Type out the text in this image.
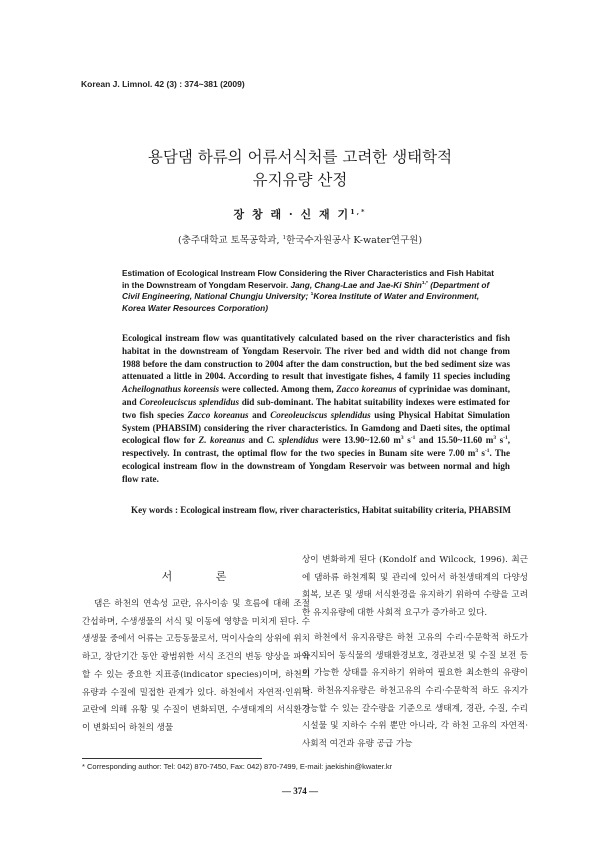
Korean J. Limnol. 42 (3) : 374~381 (2009)
용담댐 하류의 어류서식처를 고려한 생태학적
유지유량 산정
장 창 래 · 신 재 기$^{1,*}$
(충주대학교 토목공학과, $^1$한국수자원공사 K-water연구원)
Estimation of Ecological Instream Flow Considering the River Characteristics and Fish Habitat in the Downstream of Yongdam Reservoir. Jang, Chang-Lae and Jae-Ki Shin$^{1,*}$ (Department of Civil Engineering, National Chungju University; $^1$Korea Institute of Water and Environment, Korea Water Resources Corporation)
Ecological instream flow was quantitatively calculated based on the river characteristics and fish habitat in the downstream of Yongdam Reservoir. The river bed and width did not change from 1988 before the dam construction to 2004 after the dam construction, but the bed sediment size was attenuated a little in 2004. According to result that investigate fishes, 4 family 11 species including Acheilognathus koreensis were collected. Among them, Zacco koreanus of cyprinidae was dominant, and Coreoleuciscus splendidus did sub-dominant. The habitat suitability indexes were estimated for two fish species Zacco koreanus and Coreoleuciscus splendidus using Physical Habitat Simulation System (PHABSIM) considering the river characteristics. In Gamdong and Daeti sites, the optimal ecological flow for Z. koreanus and C. splendidus were 13.90~12.60 $m^3$ $s^{-1}$ and 15.50~11.60 $m^3$ $s^{-1}$, respectively. In contrast, the optimal flow for the two species in Bunam site were 7.00 $m^3$ $s^{-1}$. The ecological instream flow in the downstream of Yongdam Reservoir was between normal and high flow rate.
Key words : Ecological instream flow, river characteristics, Habitat suitability criteria, PHABSIM
서 론

댐은 하천의 연속성 교란, 유사이송 및 흐름에 대해 조절 간섭하며, 수생생물의 서식 및 이동에 영향을 미치게 된다. 수생생물 중에서 어류는 고등동물로서, 먹이사슬의 상위에 위치하고, 장단기간 동안 광범위한 서식 조건의 변동 양상을 파악할 수 있는 중요한 지표종(indicator species)이며, 하천의 유량과 수질에 밀접한 관계가 있다. 하천에서 자연적·인위적 교란에 의해 유황 및 수질이 변화되면, 수생태계의 서식환경이 변화되어 하천의 생물

상이 변화하게 된다 (Kondolf and Wilcock, 1996). 최근에 댐하류 하천계획 및 관리에 있어서 하천생태계의 다양성 회복, 보존 및 생태 서식환경을 유지하기 위하여 수량을 고려한 유지유량에 대한 사회적 요구가 증가하고 있다.

하천에서 유지유량은 하천 고유의 수리·수문학적 하도가 유지되어 동식물의 생태환경보호, 경관보전 및 수질 보전 등이 가능한 상태를 유지하기 위하여 필요한 최소한의 유량이다. 하천유지유량은 하천고유의 수리·수문학적 하도 유지가 가능할 수 있는 갈수량을 기준으로 생태계, 경관, 수질, 수리 시설물 및 지하수 수위 뿐만 아니라, 각 하천 고유의 자연적·사회적 여건과 유량 공급 가능

* Corresponding author: Tel: 042) 870-7450, Fax: 042) 870-7499, E-mail: jaekishin@kwater.kr
— 374 —
